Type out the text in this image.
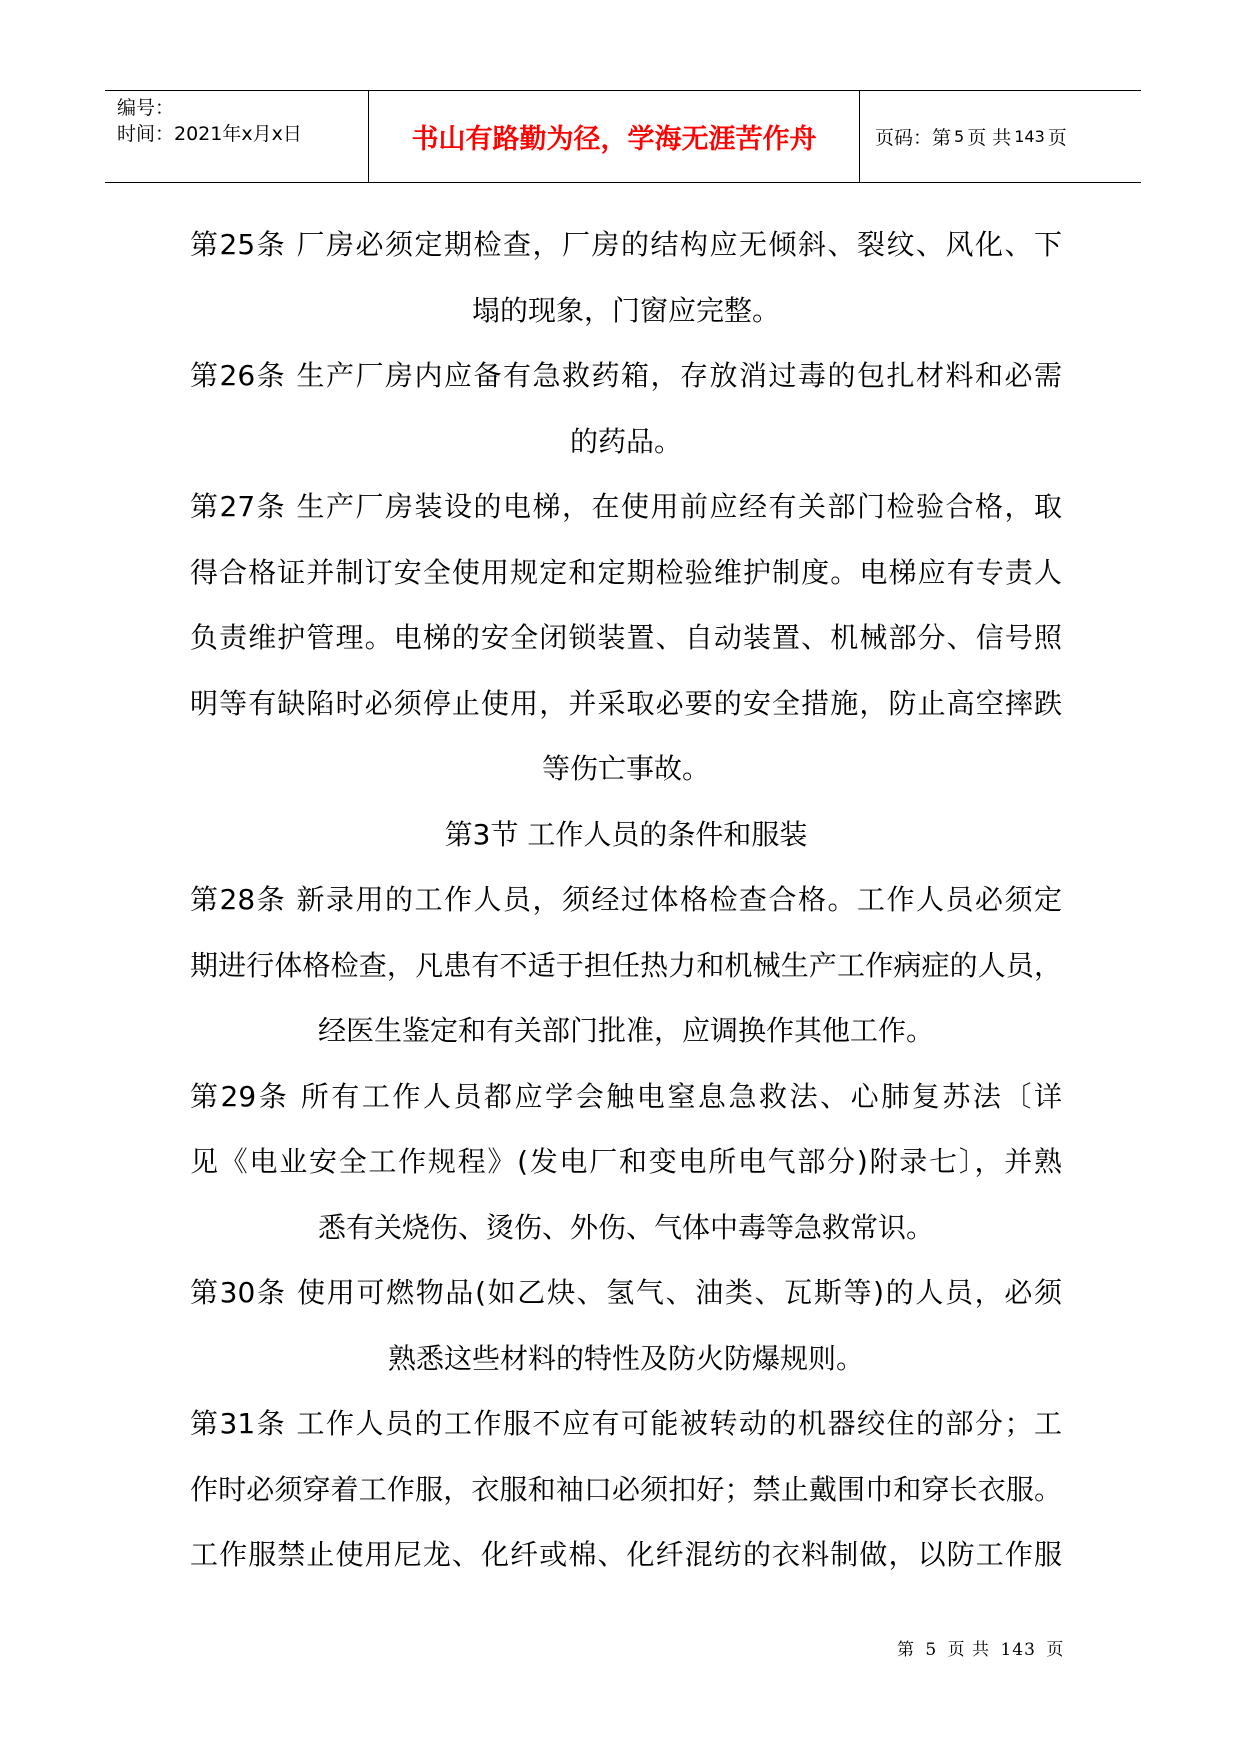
编号：
时间：2021年x月x日	书山有路勤为径，学海无涯苦作舟	页码：第 5 页 共 143 页
第25条 厂房必须定期检查，厂房的结构应无倾斜、裂纹、风化、下
塌的现象，门窗应完整。
第26条 生产厂房内应备有急救药箱，存放消过毒的包扎材料和必需
的药品。
第27条 生产厂房装设的电梯，在使用前应经有关部门检验合格，取
得合格证并制订安全使用规定和定期检验维护制度。电梯应有专责人
负责维护管理。电梯的安全闭锁装置、自动装置、机械部分、信号照
明等有缺陷时必须停止使用，并采取必要的安全措施，防止高空摔跌
等伤亡事故。
第3节 工作人员的条件和服装
第28条 新录用的工作人员，须经过体格检查合格。工作人员必须定
期进行体格检查，凡患有不适于担任热力和机械生产工作病症的人员，
经医生鉴定和有关部门批准，应调换作其他工作。
第29条 所有工作人员都应学会触电窒息急救法、心肺复苏法〔详
见《电业安全工作规程》(发电厂和变电所电气部分)附录七〕，并熟
悉有关烧伤、烫伤、外伤、气体中毒等急救常识。
第30条 使用可燃物品(如乙炔、氢气、油类、瓦斯等)的人员，必须
熟悉这些材料的特性及防火防爆规则。
第31条 工作人员的工作服不应有可能被转动的机器绞住的部分；工
作时必须穿着工作服，衣服和袖口必须扣好；禁止戴围巾和穿长衣服。
工作服禁止使用尼龙、化纤或棉、化纤混纺的衣料制做，以防工作服
第 5 页 共 143 页
